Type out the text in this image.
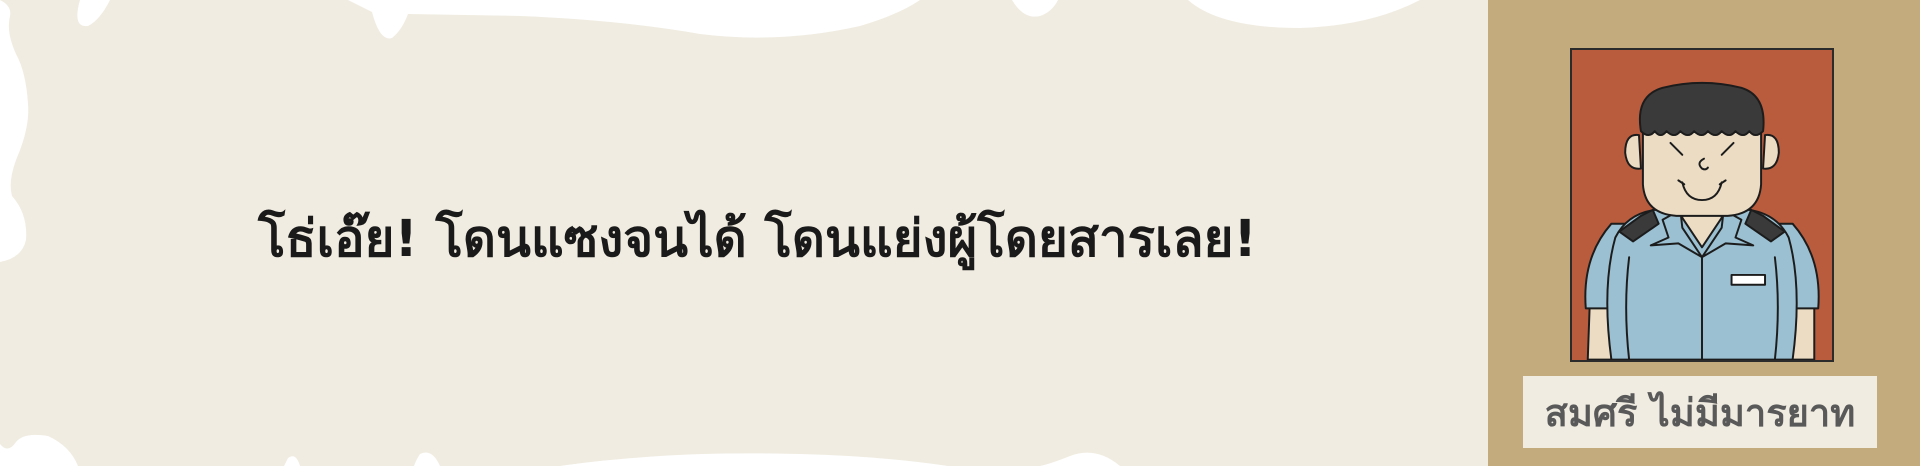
โธ่เอ๊ย! โดนแซงจนได้ โดนแย่งผู้โดยสารเลย!

สมศรี ไม่มีมารยาท
